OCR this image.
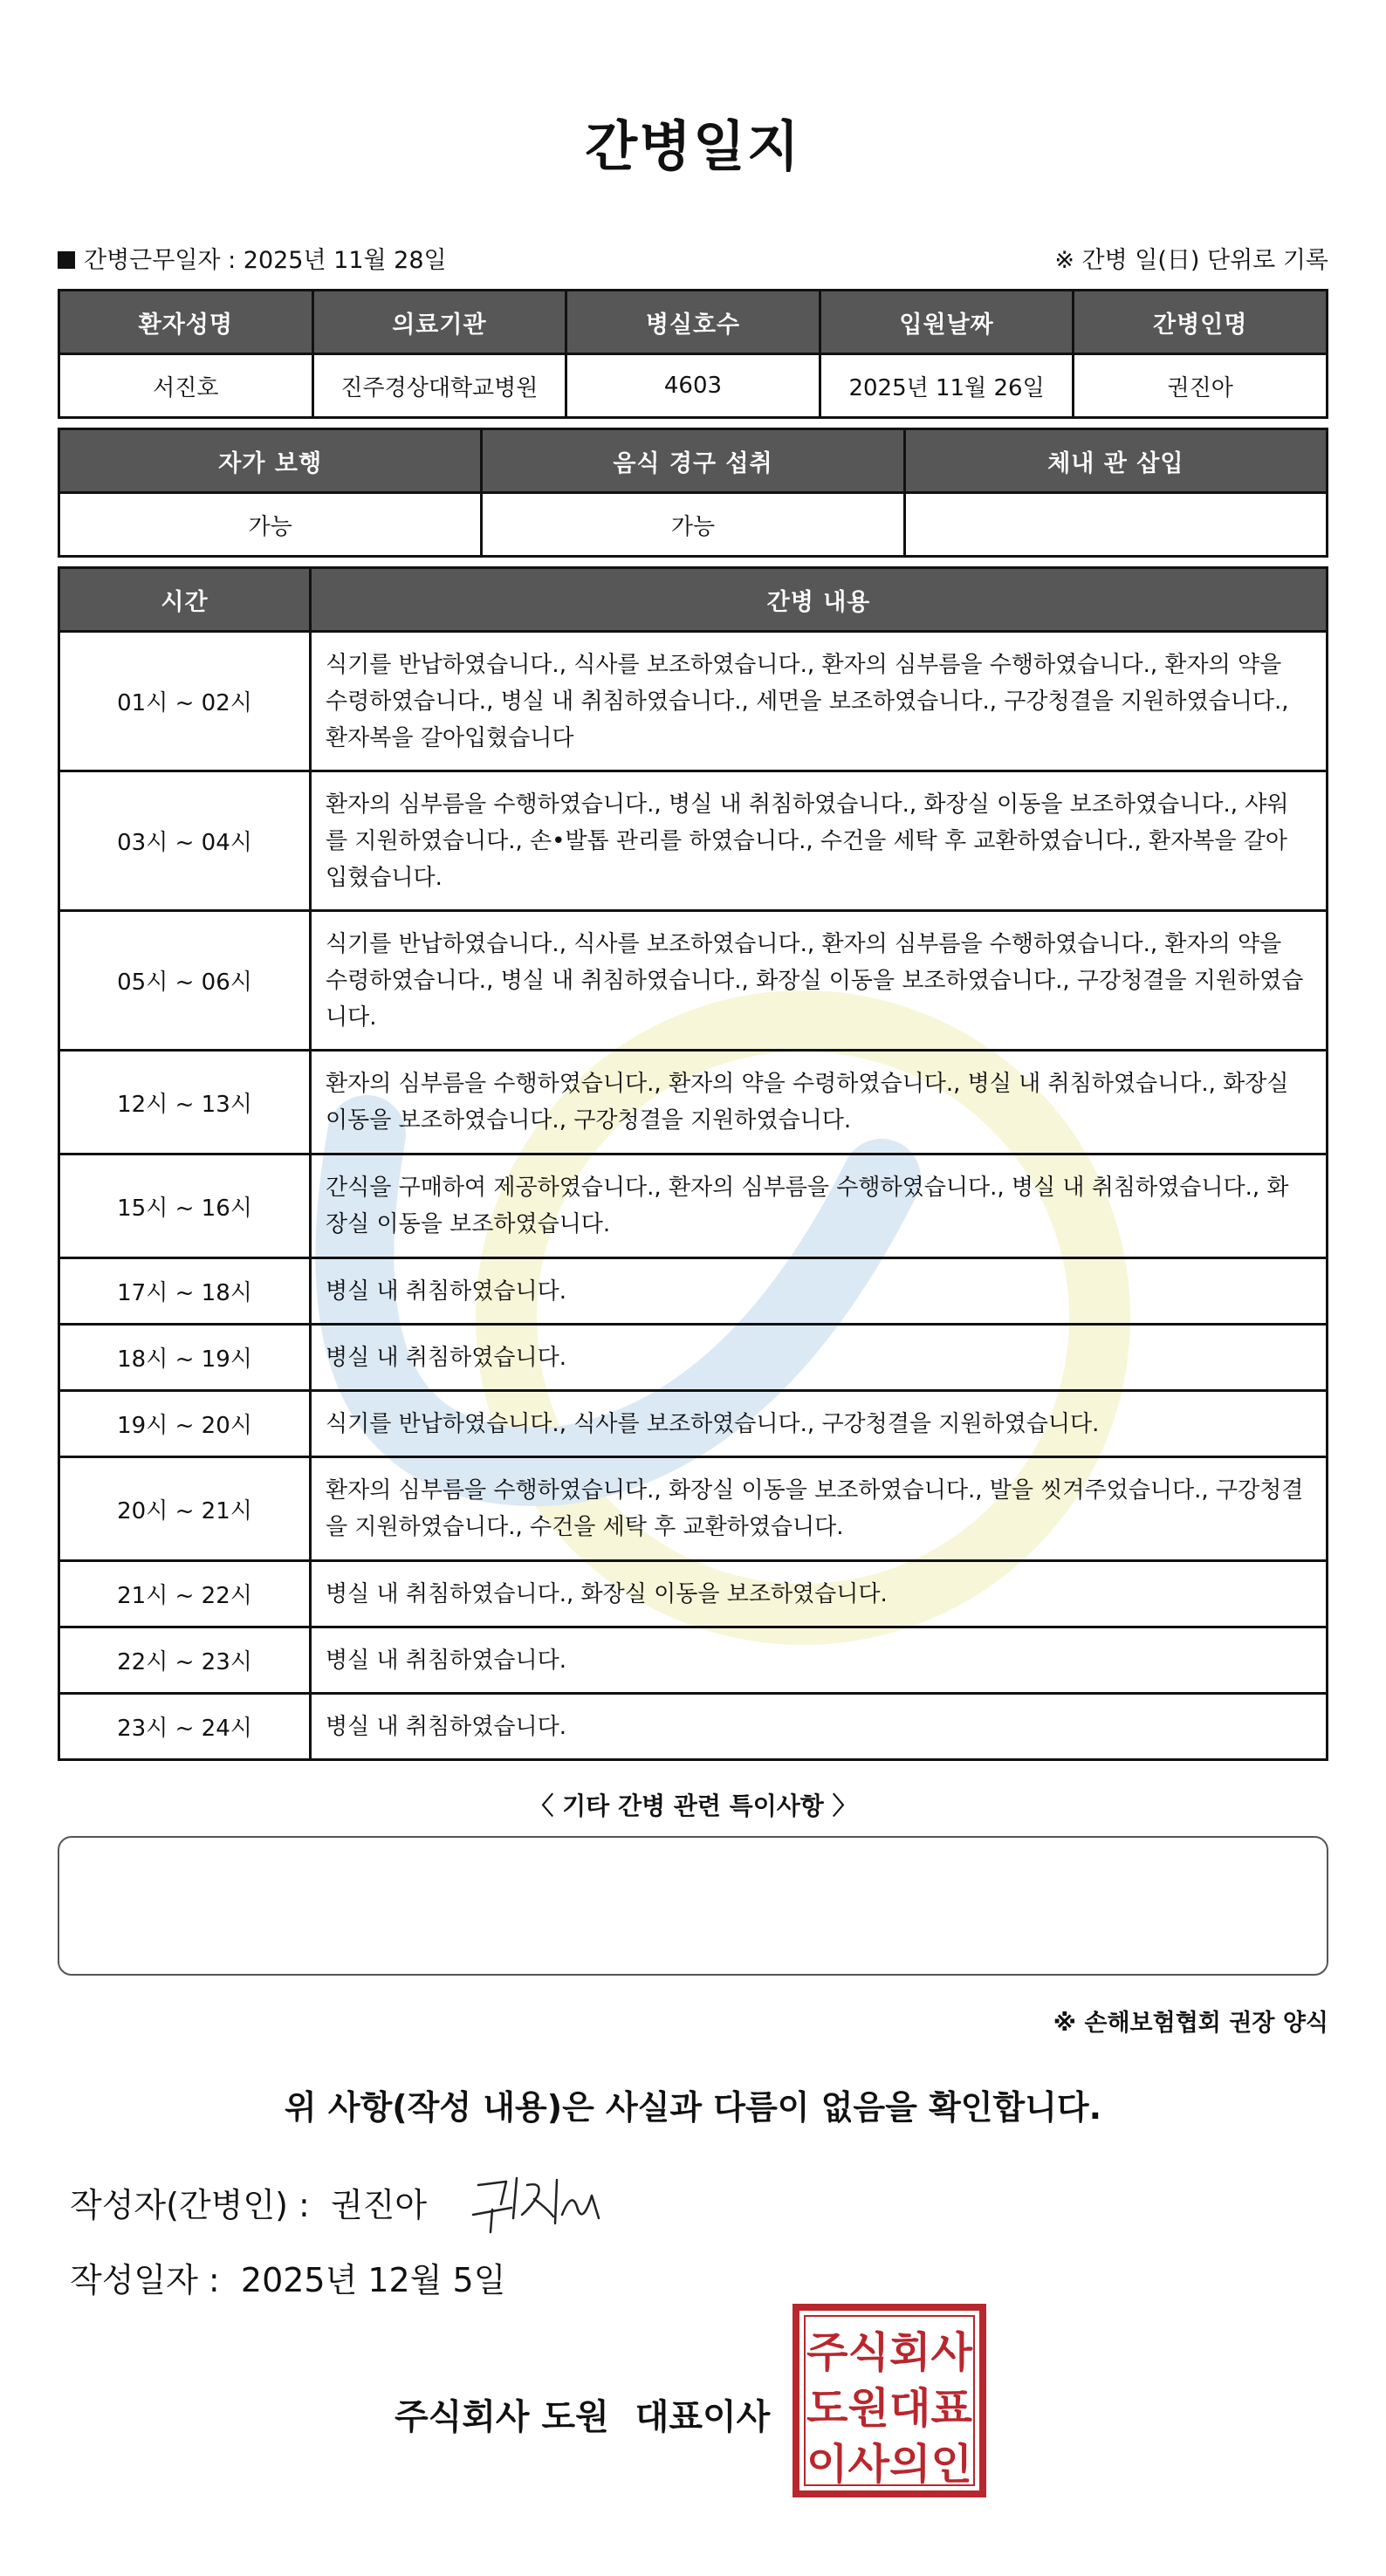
간병일지
간병근무일자 : 2025년 11월 28일	※ 간병 일(日) 단위로 기록
환자성명	의료기관	병실호수	입원날짜	간병인명
서진호	진주경상대학교병원	4603	2025년 11월 26일	권진아
자가 보행	음식 경구 섭취	체내 관 삽입
가능	가능	
시간	간병 내용
01시 ~ 02시	식기를 반납하였습니다., 식사를 보조하였습니다., 환자의 심부름을 수행하였습니다., 환자의 약을 수령하였습니다., 병실 내 취침하였습니다., 세면을 보조하였습니다., 구강청결을 지원하였습니다., 환자복을 갈아입혔습니다
03시 ~ 04시	환자의 심부름을 수행하였습니다., 병실 내 취침하였습니다., 화장실 이동을 보조하였습니다., 샤워를 지원하였습니다., 손•발톱 관리를 하였습니다., 수건을 세탁 후 교환하였습니다., 환자복을 갈아입혔습니다.
05시 ~ 06시	식기를 반납하였습니다., 식사를 보조하였습니다., 환자의 심부름을 수행하였습니다., 환자의 약을 수령하였습니다., 병실 내 취침하였습니다., 화장실 이동을 보조하였습니다., 구강청결을 지원하였습니다.
12시 ~ 13시	환자의 심부름을 수행하였습니다., 환자의 약을 수령하였습니다., 병실 내 취침하였습니다., 화장실 이동을 보조하였습니다., 구강청결을 지원하였습니다.
15시 ~ 16시	간식을 구매하여 제공하였습니다., 환자의 심부름을 수행하였습니다., 병실 내 취침하였습니다., 화장실 이동을 보조하였습니다.
17시 ~ 18시	병실 내 취침하였습니다.
18시 ~ 19시	병실 내 취침하였습니다.
19시 ~ 20시	식기를 반납하였습니다., 식사를 보조하였습니다., 구강청결을 지원하였습니다.
20시 ~ 21시	환자의 심부름을 수행하였습니다., 화장실 이동을 보조하였습니다., 발을 씻겨주었습니다., 구강청결을 지원하였습니다., 수건을 세탁 후 교환하였습니다.
21시 ~ 22시	병실 내 취침하였습니다., 화장실 이동을 보조하였습니다.
22시 ~ 23시	병실 내 취침하였습니다.
23시 ~ 24시	병실 내 취침하였습니다.
〈 기타 간병 관련 특이사항 〉
※ 손해보험협회 권장 양식
위 사항(작성 내용)은 사실과 다름이 없음을 확인합니다.
작성자(간병인) :  권진아
작성일자 :  2025년 12월 5일
주식회사 도원 대표이사
주식회사
도원대표
이사의인
